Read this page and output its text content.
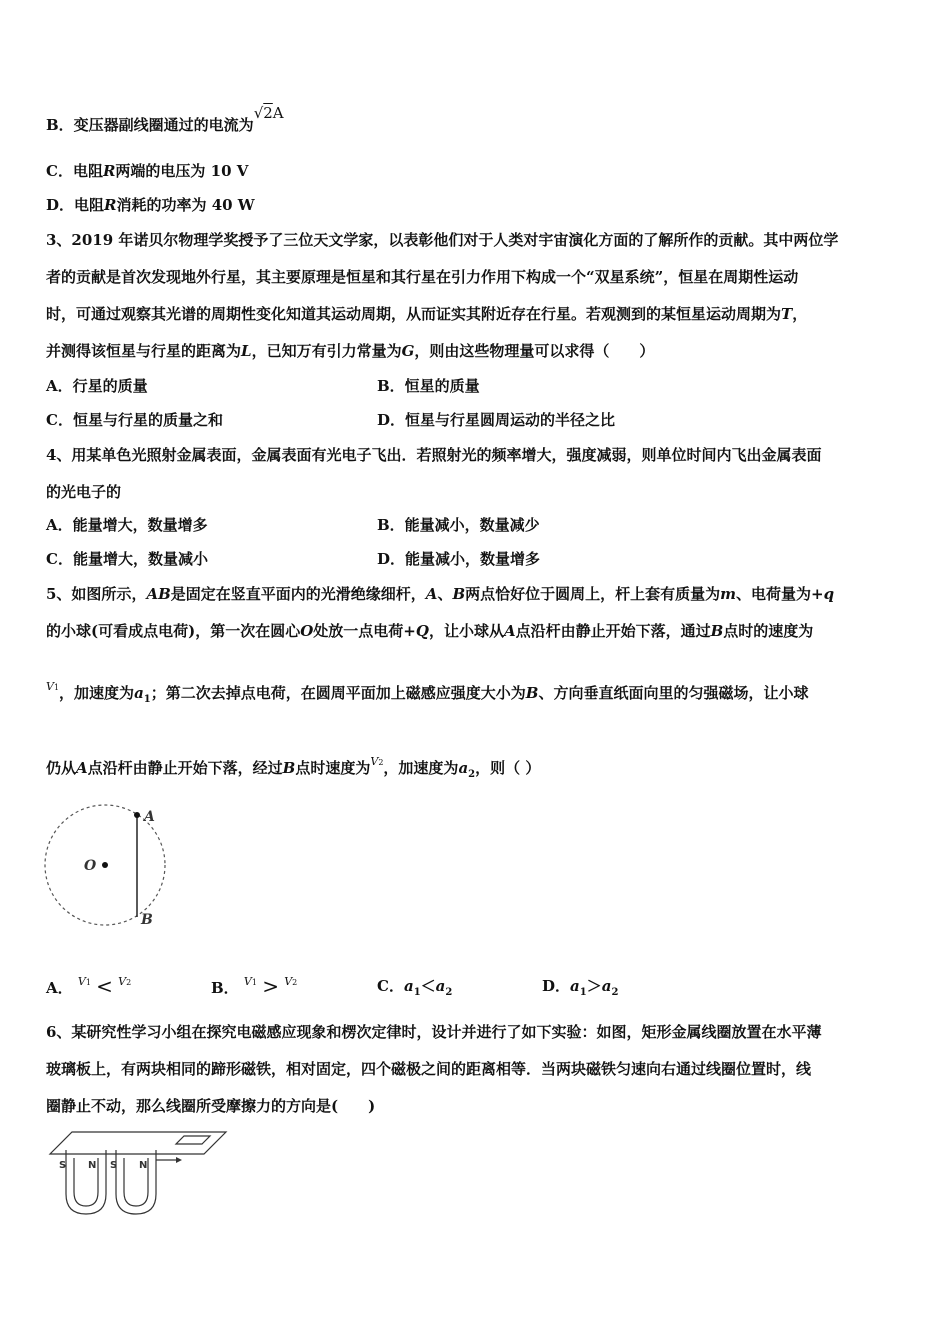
B．变压器副线圈通过的电流为√2A
C．电阻R两端的电压为 10 V
D．电阻R消耗的功率为 40 W
3、2019 年诺贝尔物理学奖授予了三位天文学家，以表彰他们对于人类对宇宙演化方面的了解所作的贡献。其中两位学
者的贡献是首次发现地外行星，其主要原理是恒星和其行星在引力作用下构成一个“双星系统”，恒星在周期性运动
时，可通过观察其光谱的周期性变化知道其运动周期，从而证实其附近存在行星。若观测到的某恒星运动周期为T，
并测得该恒星与行星的距离为L，已知万有引力常量为G，则由这些物理量可以求得（　　）
A．行星的质量	B．恒星的质量
C．恒星与行星的质量之和	D．恒星与行星圆周运动的半径之比
4、用某单色光照射金属表面，金属表面有光电子飞出．若照射光的频率增大，强度减弱，则单位时间内飞出金属表面
的光电子的
A．能量增大，数量增多	B．能量减小，数量减少
C．能量增大，数量减小	D．能量减小，数量增多
5、如图所示，AB是固定在竖直平面内的光滑绝缘细杆，A、B两点恰好位于圆周上，杆上套有质量为m、电荷量为+q
的小球(可看成点电荷)，第一次在圆心O处放一点电荷+Q，让小球从A点沿杆由静止开始下落，通过B点时的速度为
$^{V1}$，加速度为$a_1$；第二次去掉点电荷，在圆周平面加上磁感应强度大小为B、方向垂直纸面向里的匀强磁场，让小球
仍从A点沿杆由静止开始下落，经过B点时速度为$^{V2}$，加速度为$a_2$，则（ ）
A
B
O
A． $^{V1}$ < $^{V2}$	B． $^{V1}$ > $^{V2}$	C．$a_1<a_2$	D．$a_1>a_2$
6、某研究性学习小组在探究电磁感应现象和楞次定律时，设计并进行了如下实验：如图，矩形金属线圈放置在水平薄
玻璃板上，有两块相同的蹄形磁铁，相对固定，四个磁极之间的距离相等．当两块磁铁匀速向右通过线圈位置时，线
圈静止不动，那么线圈所受摩擦力的方向是(　　)
S N S N
